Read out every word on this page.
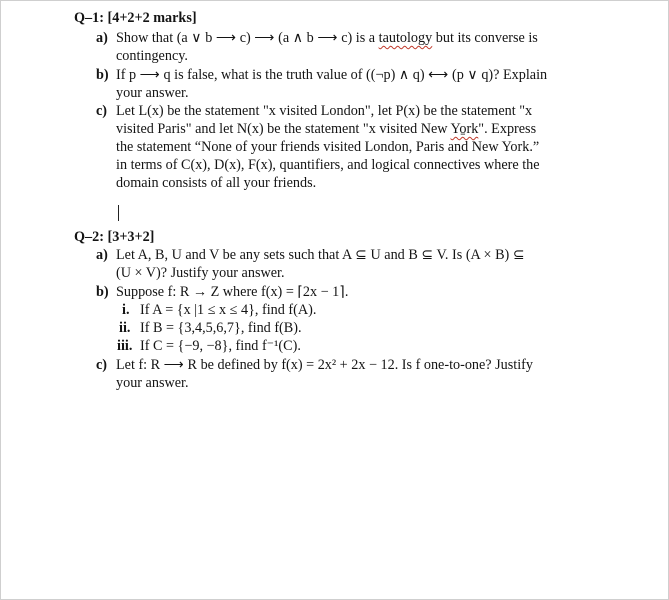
Q–1: [4+2+2 marks]
a) Show that (a ∨ b ⟶ c) ⟶ (a ∧ b ⟶ c) is a tautology but its converse is
contingency.
b) If p ⟶ q is false, what is the truth value of ((¬p) ∧ q) ⟷ (p ∨ q)? Explain
your answer.
c) Let L(x) be the statement "x visited London", let P(x) be the statement "x
visited Paris" and let N(x) be the statement "x visited New Yo̱rk". Express
the statement “None of your friends visited London, Paris and New York.”
in terms of C(x), D(x), F(x), quantifiers, and logical connectives where the
domain consists of all your friends.
Q–2: [3+3+2]
a) Let A, B, U and V be any sets such that A ⊆ U and B ⊆ V. Is (A × B) ⊆
(U × V)? Justify your answer.
b) Suppose f: R → Z where f(x) = ⌈2x − 1⌉.
i. If A = {x |1 ≤ x ≤ 4}, find f(A).
ii. If B = {3,4,5,6,7}, find f(B).
iii. If C = {−9, −8}, find f⁻¹(C).
c) Let f: R ⟶ R be defined by f(x) = 2x² + 2x − 12. Is f one-to-one? Justify
your answer.
